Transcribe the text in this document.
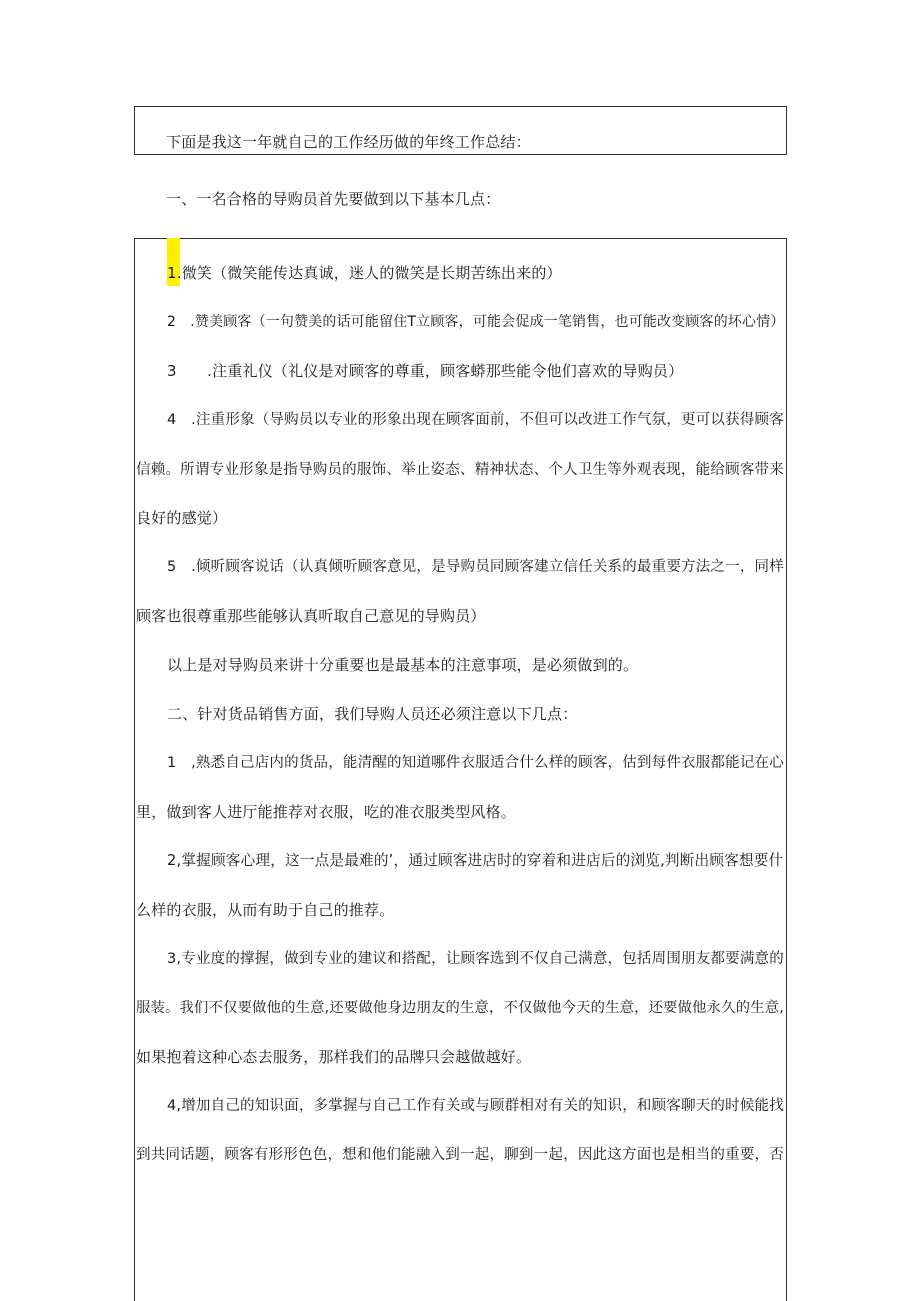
下面是我这一年就自己的工作经历做的年终工作总结：
一、一名合格的导购员首先要做到以下基本几点：
1.微笑（微笑能传达真诚，迷人的微笑是长期苦练出来的）
2　.赞美顾客（一句赞美的话可能留住T立顾客，可能会促成一笔销售，也可能改变顾客的坏心情）
3　　.注重礼仪（礼仪是对顾客的尊重，顾客蟒那些能令他们喜欢的导购员）
4　.注重形象（导购员以专业的形象出现在顾客面前，不但可以改进工作气氛，更可以获得顾客
信赖。所谓专业形象是指导购员的服饰、举止姿态、精神状态、个人卫生等外观表现，能给顾客带来
良好的感觉）
5　.倾听顾客说话（认真倾听顾客意见，是导购员同顾客建立信任关系的最重要方法之一，同样
顾客也很尊重那些能够认真听取自己意见的导购员）
以上是对导购员来讲十分重要也是最基本的注意事项，是必须做到的。
二、针对货品销售方面，我们导购人员还必须注意以下几点：
1　,熟悉自己店内的货品，能清醒的知道哪件衣服适合什么样的顾客，估到每件衣服都能记在心
里，做到客人进厅能推荐对衣服，吃的准衣服类型风格。
2,掌握顾客心理，这一点是最难的’，通过顾客进店时的穿着和进店后的浏览,判断出顾客想要什
么样的衣服，从而有助于自己的推荐。
3,专业度的撑握，做到专业的建议和搭配，让顾客选到不仅自己满意，包括周围朋友都要满意的
服装。我们不仅要做他的生意,还要做他身边朋友的生意，不仅做他今天的生意，还要做他永久的生意,
如果抱着这种心态去服务，那样我们的品牌只会越做越好。
4,增加自己的知识面，多掌握与自己工作有关或与顾群相对有关的知识，和顾客聊天的时候能找
到共同话题，顾客有形形色色，想和他们能融入到一起，聊到一起，因此这方面也是相当的重要，否
